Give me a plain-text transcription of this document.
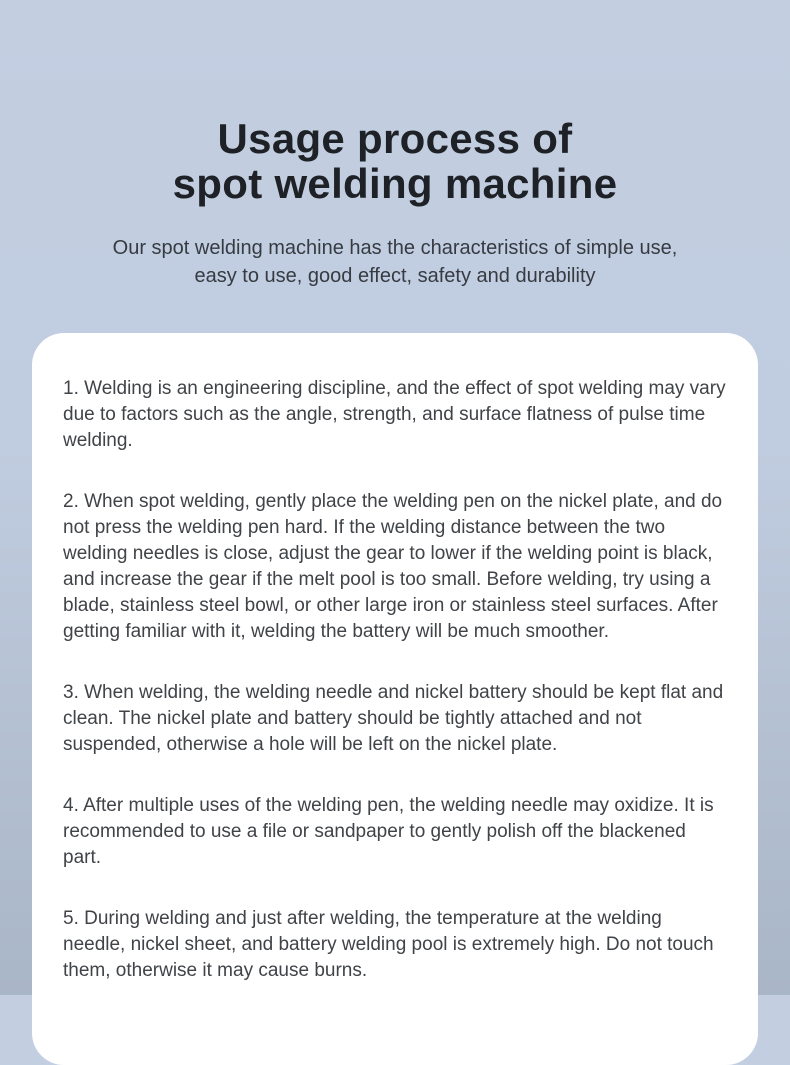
Usage process of
spot welding machine
Our spot welding machine has the characteristics of simple use,
easy to use, good effect, safety and durability

1. Welding is an engineering discipline, and the effect of spot welding may vary due to factors such as the angle, strength, and surface flatness of pulse time welding.

2. When spot welding, gently place the welding pen on the nickel plate, and do not press the welding pen hard. If the welding distance between the two welding needles is close, adjust the gear to lower if the welding point is black, and increase the gear if the melt pool is too small. Before welding, try using a blade, stainless steel bowl, or other large iron or stainless steel surfaces. After getting familiar with it, welding the battery will be much smoother.

3. When welding, the welding needle and nickel battery should be kept flat and clean. The nickel plate and battery should be tightly attached and not suspended, otherwise a hole will be left on the nickel plate.

4. After multiple uses of the welding pen, the welding needle may oxidize. It is recommended to use a file or sandpaper to gently polish off the blackened part.

5. During welding and just after welding, the temperature at the welding needle, nickel sheet, and battery welding pool is extremely high. Do not touch them, otherwise it may cause burns.
